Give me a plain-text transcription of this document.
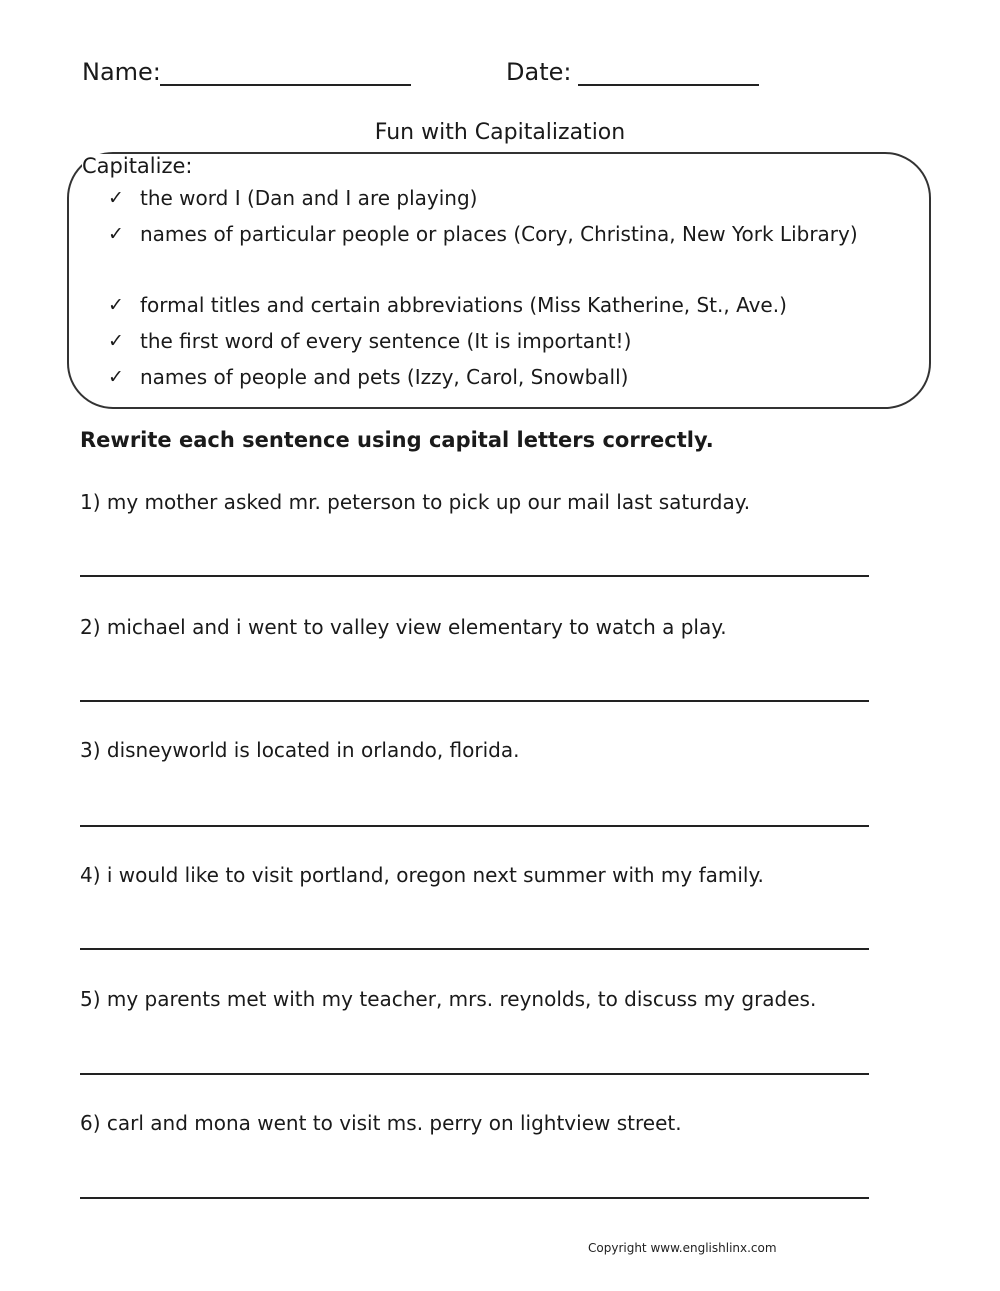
Name:	Date:
Fun with Capitalization
Capitalize:
✓ the word I (Dan and I are playing)
✓ names of particular people or places (Cory, Christina, New York Library)
✓ formal titles and certain abbreviations (Miss Katherine, St., Ave.)
✓ the first word of every sentence (It is important!)
✓ names of people and pets (Izzy, Carol, Snowball)
Rewrite each sentence using capital letters correctly.
1) my mother asked mr. peterson to pick up our mail last saturday.
2) michael and i went to valley view elementary to watch a play.
3) disneyworld is located in orlando, florida.
4) i would like to visit portland, oregon next summer with my family.
5) my parents met with my teacher, mrs. reynolds, to discuss my grades.
6) carl and mona went to visit ms. perry on lightview street.
Copyright www.englishlinx.com
